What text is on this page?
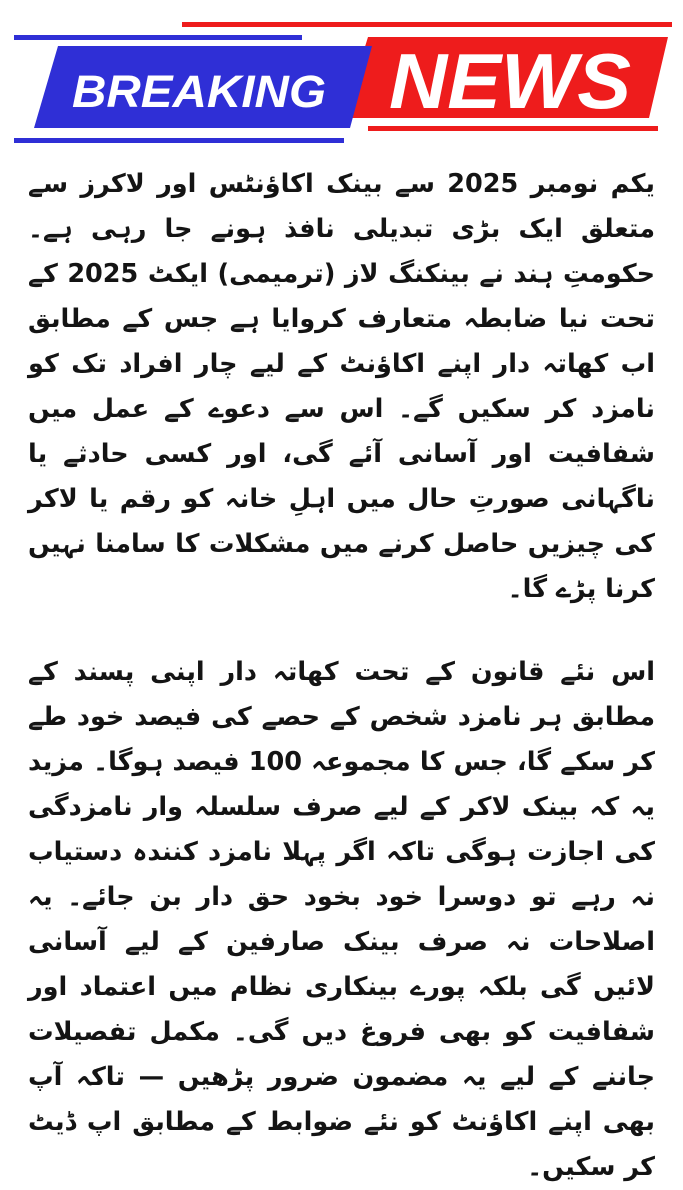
BREAKING NEWS

یکم نومبر 2025 سے بینک اکاؤنٹس اور لاکرز سے متعلق ایک بڑی تبدیلی نافذ ہونے جا رہی ہے۔ حکومتِ ہند نے بینکنگ لاز (ترمیمی) ایکٹ 2025 کے تحت نیا ضابطہ متعارف کروایا ہے جس کے مطابق اب کھاتہ دار اپنے اکاؤنٹ کے لیے چار افراد تک کو نامزد کر سکیں گے۔ اس سے دعوے کے عمل میں شفافیت اور آسانی آئے گی، اور کسی حادثے یا ناگہانی صورتِ حال میں اہلِ خانہ کو رقم یا لاکر کی چیزیں حاصل کرنے میں مشکلات کا سامنا نہیں کرنا پڑے گا۔

اس نئے قانون کے تحت کھاتہ دار اپنی پسند کے مطابق ہر نامزد شخص کے حصے کی فیصد خود طے کر سکے گا، جس کا مجموعہ 100 فیصد ہوگا۔ مزید یہ کہ بینک لاکر کے لیے صرف سلسلہ وار نامزدگی کی اجازت ہوگی تاکہ اگر پہلا نامزد کنندہ دستیاب نہ رہے تو دوسرا خود بخود حق دار بن جائے۔ یہ اصلاحات نہ صرف بینک صارفین کے لیے آسانی لائیں گی بلکہ پورے بینکاری نظام میں اعتماد اور شفافیت کو بھی فروغ دیں گی۔ مکمل تفصیلات جاننے کے لیے یہ مضمون ضرور پڑھیں — تاکہ آپ بھی اپنے اکاؤنٹ کو نئے ضوابط کے مطابق اپ ڈیٹ کر سکیں۔
